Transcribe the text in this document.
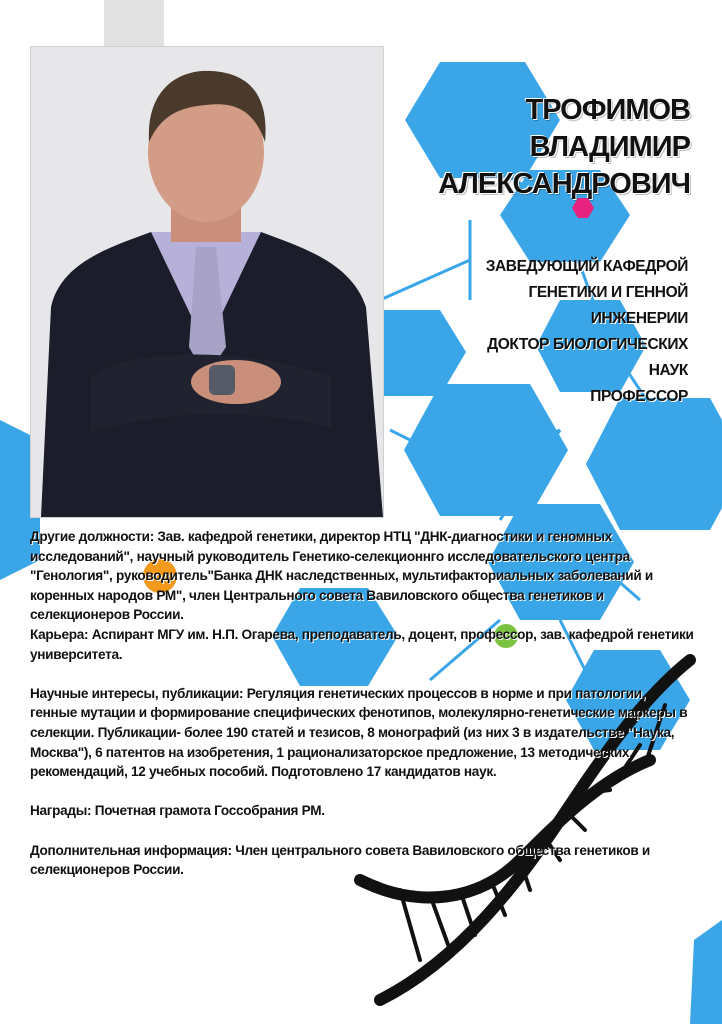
ТРОФИМОВ
ВЛАДИМИР
АЛЕКСАНДРОВИЧ
ЗАВЕДУЮЩИЙ КАФЕДРОЙ
ГЕНЕТИКИ И ГЕННОЙ
ИНЖЕНЕРИИ
ДОКТОР БИОЛОГИЧЕСКИХ
НАУК
ПРОФЕССОР

Другие должности: Зав. кафедрой генетики, директор НТЦ "ДНК-диагностики и геномных исследований", научный руководитель Генетико-селекционнго исследовательского центра "Генология", руководитель"Банка ДНК наследственных, мультифакториальных заболеваний и коренных народов РМ", член Центрального совета Вавиловского общества генетиков и селекционеров России.

Карьера: Аспирант МГУ им. Н.П. Огарева, преподаватель, доцент, профессор, зав. кафедрой генетики университета.

Научные интересы, публикации: Регуляция генетических процессов в норме и при патологии, генные мутации и формирование специфических фенотипов, молекулярно-генетические маркеры в селекции. Публикации- более 190 статей и тезисов, 8 монографий (из них 3 в издательстве "Наука, Москва"), 6 патентов на изобретения, 1 рационализаторское предложение, 13 методических рекомендаций, 12 учебных пособий. Подготовлено 17 кандидатов наук.

Награды: Почетная грамота Госсобрания РМ.

Дополнительная информация: Член центрального совета Вавиловского общества генетиков и селекционеров России.
